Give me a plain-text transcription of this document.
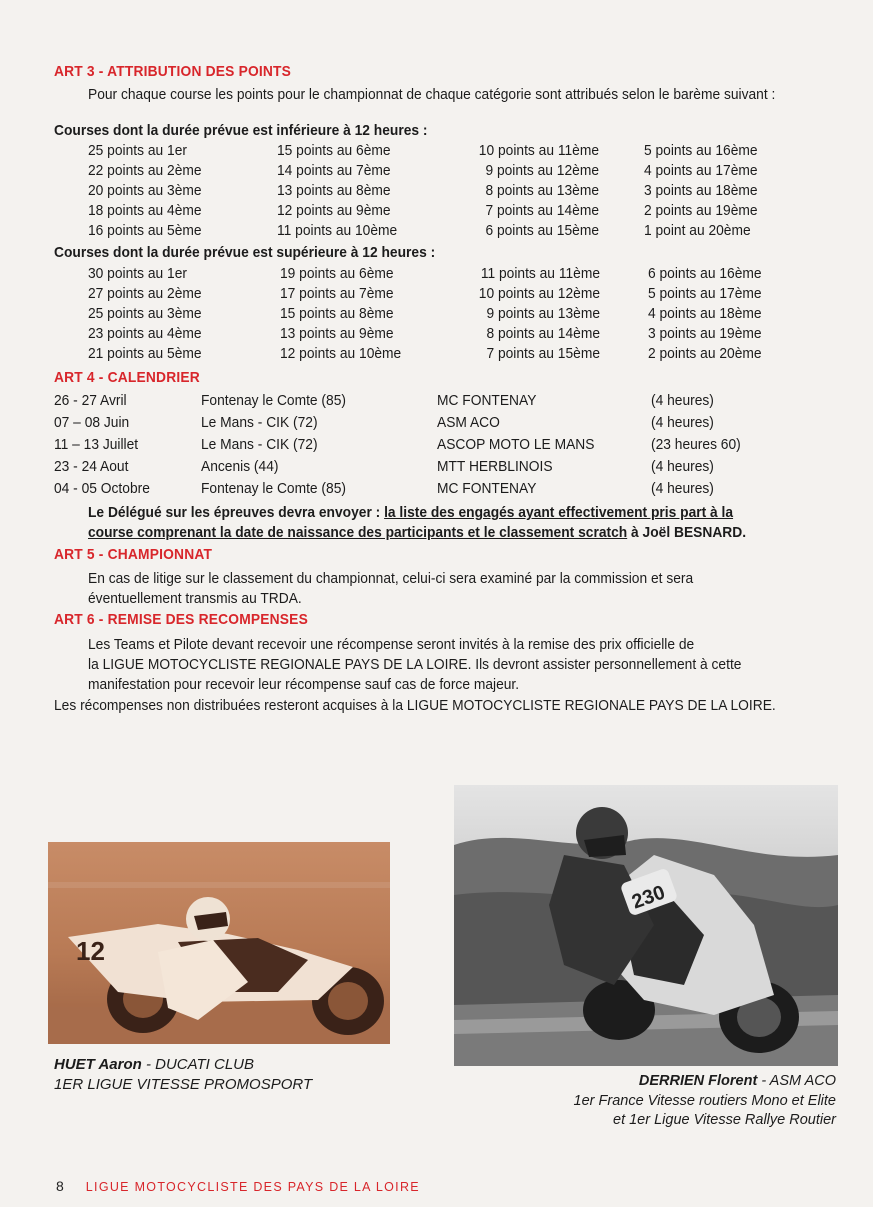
ART 3 - ATTRIBUTION DES POINTS
Pour chaque course les points pour le championnat de chaque catégorie sont attribués selon le barème suivant :
Courses dont la durée prévue est inférieure à 12 heures :
25 points au 1er	15 points au 6ème	10 points au 11ème	5 points au 16ème
22 points au 2ème	14 points au 7ème	9 points au 12ème	4 points au 17ème
20 points au 3ème	13 points au 8ème	8 points au 13ème	3 points au 18ème
18 points au 4ème	12 points au 9ème	7 points au 14ème	2 points au 19ème
16 points au 5ème	11 points au 10ème	6 points au 15ème	1 point au 20ème
Courses dont la durée prévue est supérieure à 12 heures :
30 points au 1er	19 points au 6ème	11 points au 11ème	6 points au 16ème
27 points au 2ème	17 points au 7ème	10 points au 12ème	5 points au 17ème
25 points au 3ème	15 points au 8ème	9 points au 13ème	4 points au 18ème
23 points au 4ème	13 points au 9ème	8 points au 14ème	3 points au 19ème
21 points au 5ème	12 points au 10ème	7 points au 15ème	2 points au 20ème
ART 4 - CALENDRIER
26 - 27 Avril	Fontenay le Comte (85)	MC FONTENAY	(4 heures)
07 – 08 Juin	Le Mans - CIK (72)	ASM ACO	(4 heures)
11 – 13 Juillet	Le Mans - CIK (72)	ASCOP MOTO LE MANS	(23 heures 60)
23 - 24 Aout	Ancenis (44)	MTT HERBLINOIS	(4 heures)
04 - 05 Octobre	Fontenay le Comte (85)	MC FONTENAY	(4 heures)
Le Délégué sur les épreuves devra envoyer : la liste des engagés ayant effectivement pris part à la
course comprenant la date de naissance des participants et le classement scratch à Joël BESNARD.
ART 5 - CHAMPIONNAT
En cas de litige sur le classement du championnat, celui-ci sera examiné par la commission et sera
éventuellement transmis au TRDA.
ART 6 - REMISE DES RECOMPENSES
Les Teams et Pilote devant recevoir une récompense seront invités à la remise des prix officielle de
la LIGUE MOTOCYCLISTE REGIONALE PAYS DE LA LOIRE. Ils devront assister personnellement à cette
manifestation pour recevoir leur récompense sauf cas de force majeur.
Les récompenses non distribuées resteront acquises à la LIGUE MOTOCYCLISTE REGIONALE PAYS DE LA LOIRE.
12
HUET Aaron - DUCATI CLUB
1ER LIGUE VITESSE PROMOSPORT
230
DERRIEN Florent - ASM ACO
1er France Vitesse routiers Mono et Elite
et 1er Ligue Vitesse Rallye Routier
8 LIGUE MOTOCYCLISTE DES PAYS DE LA LOIRE
